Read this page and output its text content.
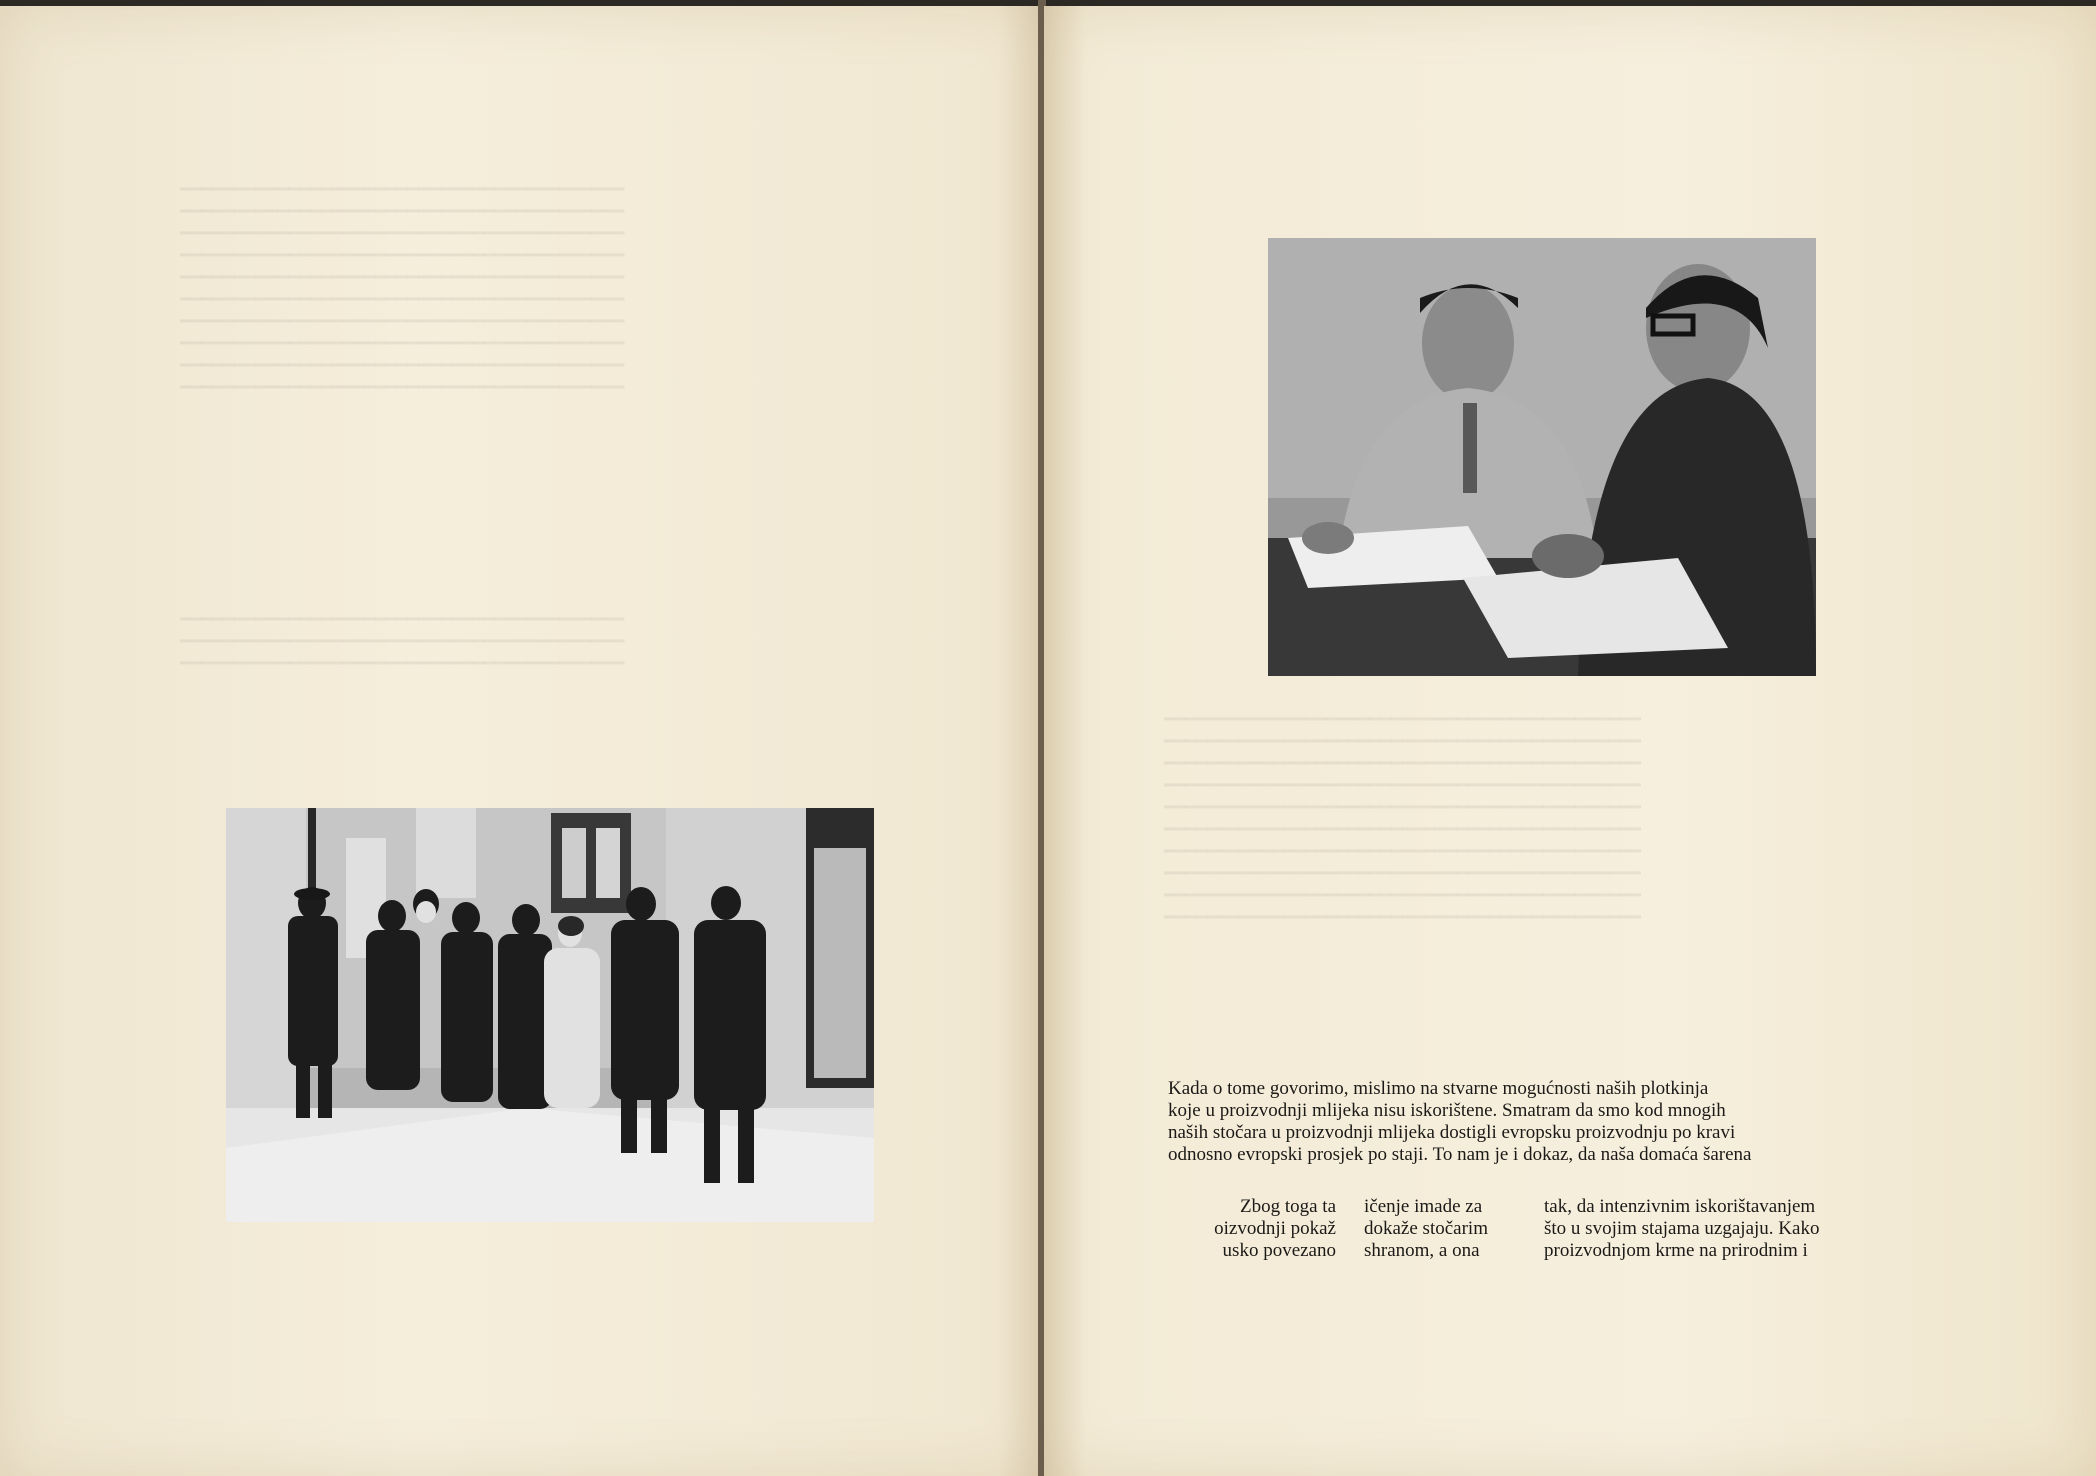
━━━━━━━━━━━━━━━━━━━━━━━━━━━━━━━━━━━━━━━━━
━━━━━━━━━━━━━━━━━━━━━━━━━━━━━━━━━━━━━━━━━
━━━━━━━━━━━━━━━━━━━━━━━━━━━━━━━━━━━━━━━━━
━━━━━━━━━━━━━━━━━━━━━━━━━━━━━━━━━━━━━━━━━
━━━━━━━━━━━━━━━━━━━━━━━━━━━━━━━━━━━━━━━━━
━━━━━━━━━━━━━━━━━━━━━━━━━━━━━━━━━━━━━━━━━
━━━━━━━━━━━━━━━━━━━━━━━━━━━━━━━━━━━━━━━━━
━━━━━━━━━━━━━━━━━━━━━━━━━━━━━━━━━━━━━━━━━
━━━━━━━━━━━━━━━━━━━━━━━━━━━━━━━━━━━━━━━━━
━━━━━━━━━━━━━━━━━━━━━━━━━━━━━━━━━━━━━━━━━

━━━━━━━━━━━━━━━━━━━━━━━━━━━━━━━━━━━━━━━━━
━━━━━━━━━━━━━━━━━━━━━━━━━━━━━━━━━━━━━━━━━
━━━━━━━━━━━━━━━━━━━━━━━━━━━━━━━━━━━━━━━━━

━━━━━━━━━━━━━━━━━━━━━━━━━━━━━━━━━━━━━━━━━━━━
━━━━━━━━━━━━━━━━━━━━━━━━━━━━━━━━━━━━━━━━━━━━
━━━━━━━━━━━━━━━━━━━━━━━━━━━━━━━━━━━━━━━━━━━━
━━━━━━━━━━━━━━━━━━━━━━━━━━━━━━━━━━━━━━━━━━━━
━━━━━━━━━━━━━━━━━━━━━━━━━━━━━━━━━━━━━━━━━━━━
━━━━━━━━━━━━━━━━━━━━━━━━━━━━━━━━━━━━━━━━━━━━
━━━━━━━━━━━━━━━━━━━━━━━━━━━━━━━━━━━━━━━━━━━━
━━━━━━━━━━━━━━━━━━━━━━━━━━━━━━━━━━━━━━━━━━━━
━━━━━━━━━━━━━━━━━━━━━━━━━━━━━━━━━━━━━━━━━━━━
━━━━━━━━━━━━━━━━━━━━━━━━━━━━━━━━━━━━━━━━━━━━

Kada o tome govorimo, mislimo na stvarne mogućnosti naših plotkinja
koje u proizvodnji mlijeka nisu iskorištene. Smatram da smo kod mnogih
naših stočara u proizvodnji mlijeka dostigli evropsku proizvodnju po kravi
odnosno evropski prosjek po staji. To nam je i dokaz, da naša domaća šarena
Zbog toga ta
oizvodnji pokaž
usko povezano
ičenje imade za
dokaže stočarim
shranom, a ona
tak, da intenzivnim iskorištavanjem
što u svojim stajama uzgajaju. Kako
proizvodnjom krme na prirodnim i
